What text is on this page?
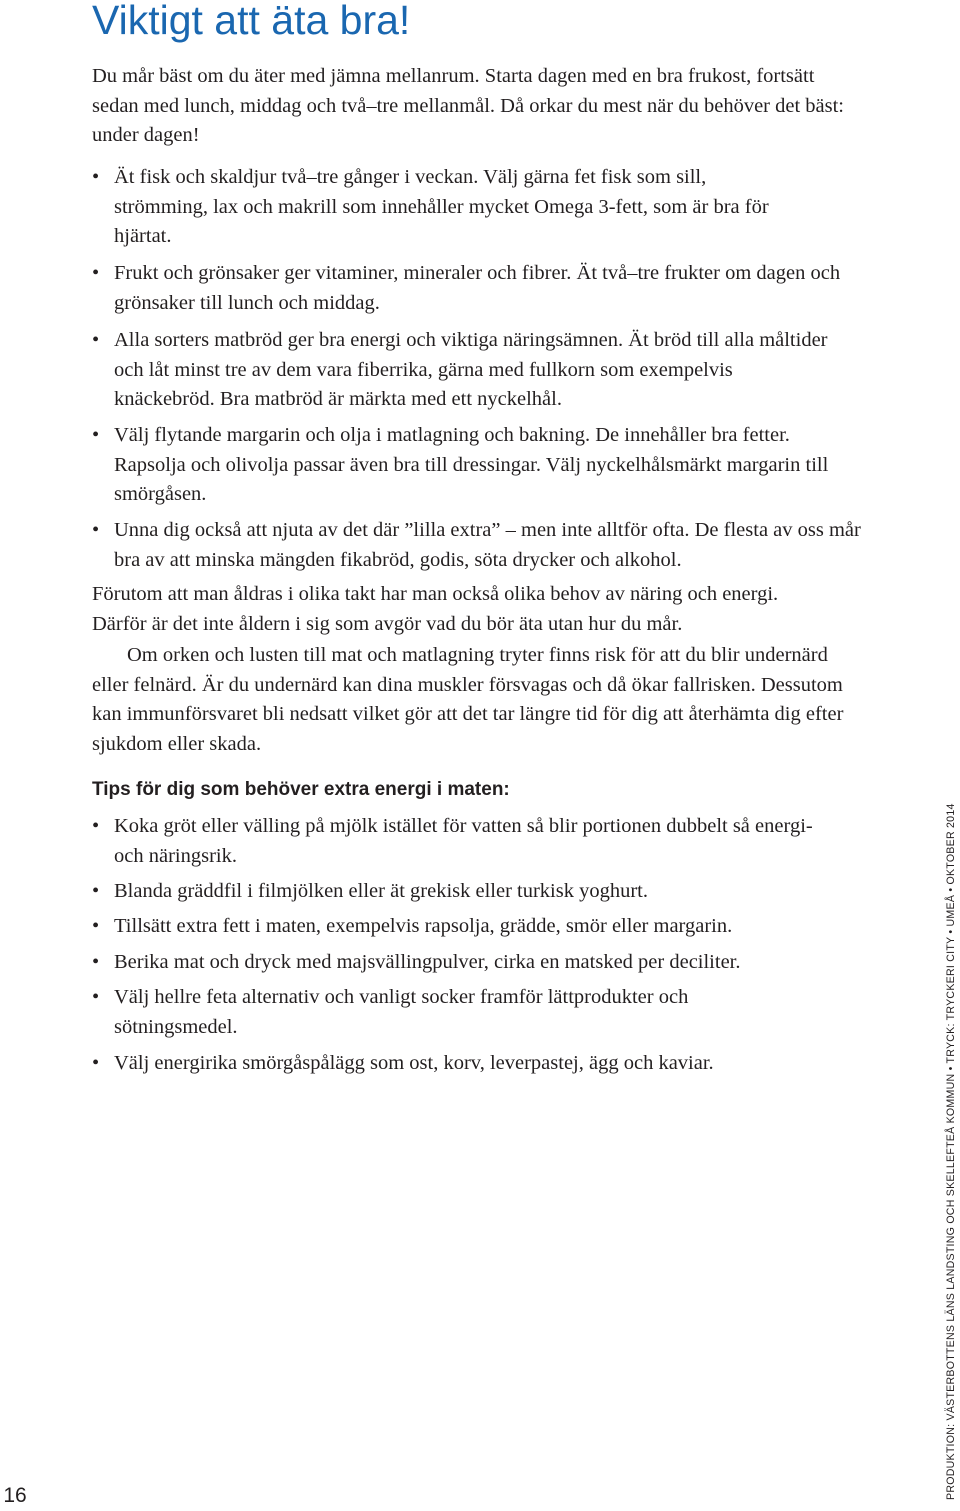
Viktigt att äta bra!

Du mår bäst om du äter med jämna mellanrum. Starta dagen med en bra frukost, fortsätt sedan med lunch, middag och två–tre mellanmål. Då orkar du mest när du behöver det bäst: under dagen!

• Ät fisk och skaldjur två–tre gånger i veckan. Välj gärna fet fisk som sill, strömming, lax och makrill som innehåller mycket Omega 3-fett, som är bra för hjärtat.
• Frukt och grönsaker ger vitaminer, mineraler och fibrer. Ät två–tre frukter om dagen och grönsaker till lunch och middag.
• Alla sorters matbröd ger bra energi och viktiga näringsämnen. Ät bröd till alla måltider och låt minst tre av dem vara fiberrika, gärna med fullkorn som exempelvis knäckebröd. Bra matbröd är märkta med ett nyckelhål.
• Välj flytande margarin och olja i matlagning och bakning. De innehåller bra fetter. Rapsolja och olivolja passar även bra till dressingar. Välj nyckelhålsmärkt margarin till smörgåsen.
• Unna dig också att njuta av det där ”lilla extra” – men inte alltför ofta. De flesta av oss mår bra av att minska mängden fikabröd, godis, söta drycker och alkohol.

Förutom att man åldras i olika takt har man också olika behov av näring och energi. Därför är det inte åldern i sig som avgör vad du bör äta utan hur du mår.

Om orken och lusten till mat och matlagning tryter finns risk för att du blir undernärd eller felnärd. Är du undernärd kan dina muskler försvagas och då ökar fallrisken. Dessutom kan immunförsvaret bli nedsatt vilket gör att det tar längre tid för dig att återhämta dig efter sjukdom eller skada.

Tips för dig som behöver extra energi i maten:
• Koka gröt eller välling på mjölk istället för vatten så blir portionen dubbelt så energi- och näringsrik.
• Blanda gräddfil i filmjölken eller ät grekisk eller turkisk yoghurt.
• Tillsätt extra fett i maten, exempelvis rapsolja, grädde, smör eller margarin.
• Berika mat och dryck med majsvällingpulver, cirka en matsked per deciliter.
• Välj hellre feta alternativ och vanligt socker framför lättprodukter och sötningsmedel.
• Välj energirika smörgåspålägg som ost, korv, leverpastej, ägg och kaviar.	PRODUKTION: VÄSTERBOTTENS LÄNS LANDSTING OCH SKELLEFTEÅ KOMMUN • TRYCK: TRYCKERI CITY • UMEÅ • OKTOBER 2014
16
